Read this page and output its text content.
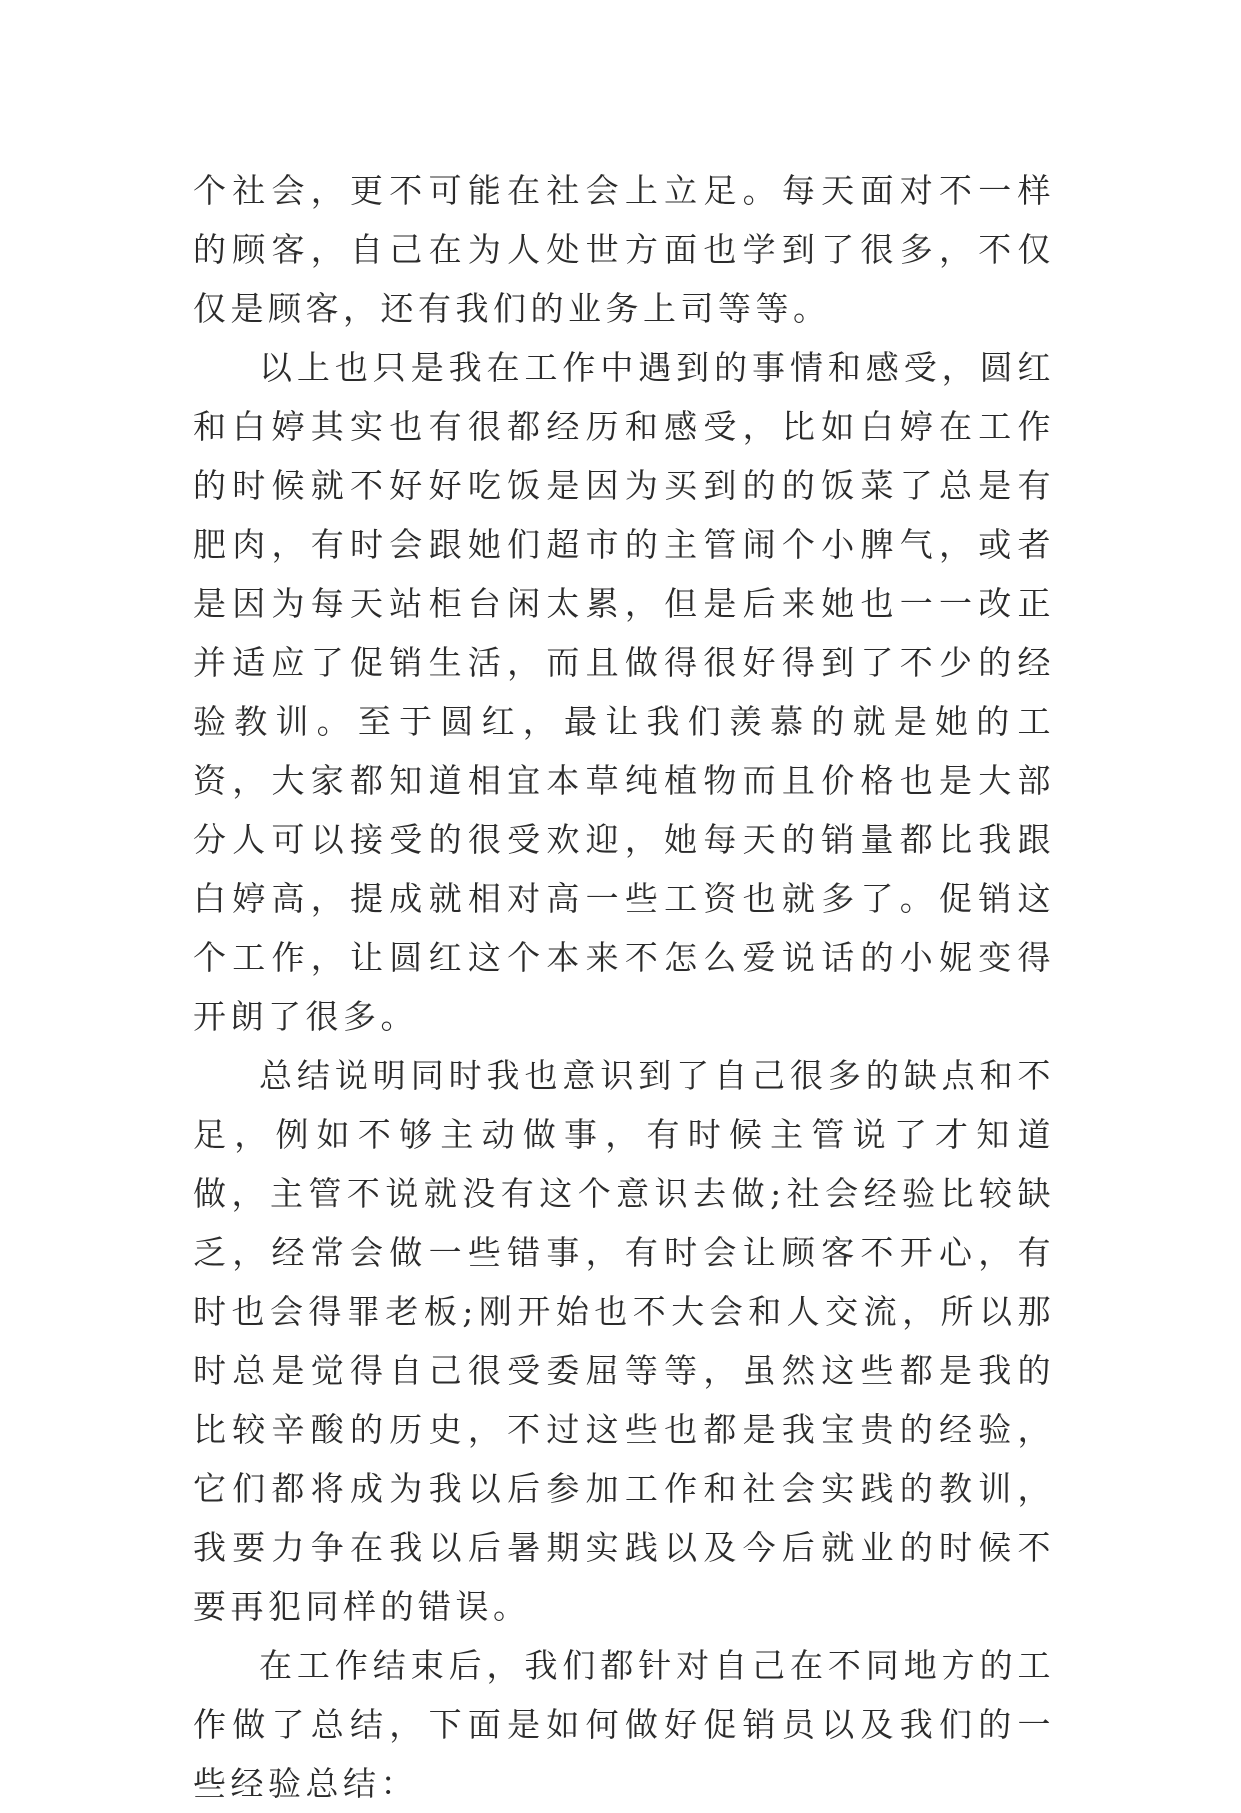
个社会，更不可能在社会上立足。每天面对不一样的顾客，自己在为人处世方面也学到了很多，不仅仅是顾客，还有我们的业务上司等等。

以上也只是我在工作中遇到的事情和感受，圆红和白婷其实也有很都经历和感受，比如白婷在工作的时候就不好好吃饭是因为买到的的饭菜了总是有肥肉，有时会跟她们超市的主管闹个小脾气，或者是因为每天站柜台闲太累，但是后来她也一一改正并适应了促销生活，而且做得很好得到了不少的经验教训。至于圆红，最让我们羡慕的就是她的工资，大家都知道相宜本草纯植物而且价格也是大部分人可以接受的很受欢迎，她每天的销量都比我跟白婷高，提成就相对高一些工资也就多了。促销这个工作，让圆红这个本来不怎么爱说话的小妮变得开朗了很多。

总结说明同时我也意识到了自己很多的缺点和不足，例如不够主动做事，有时候主管说了才知道做，主管不说就没有这个意识去做;社会经验比较缺乏，经常会做一些错事，有时会让顾客不开心，有时也会得罪老板;刚开始也不大会和人交流，所以那时总是觉得自己很受委屈等等，虽然这些都是我的比较辛酸的历史，不过这些也都是我宝贵的经验，它们都将成为我以后参加工作和社会实践的教训，我要力争在我以后暑期实践以及今后就业的时候不要再犯同样的错误。

在工作结束后，我们都针对自己在不同地方的工作做了总结，下面是如何做好促销员以及我们的一些经验总结：
